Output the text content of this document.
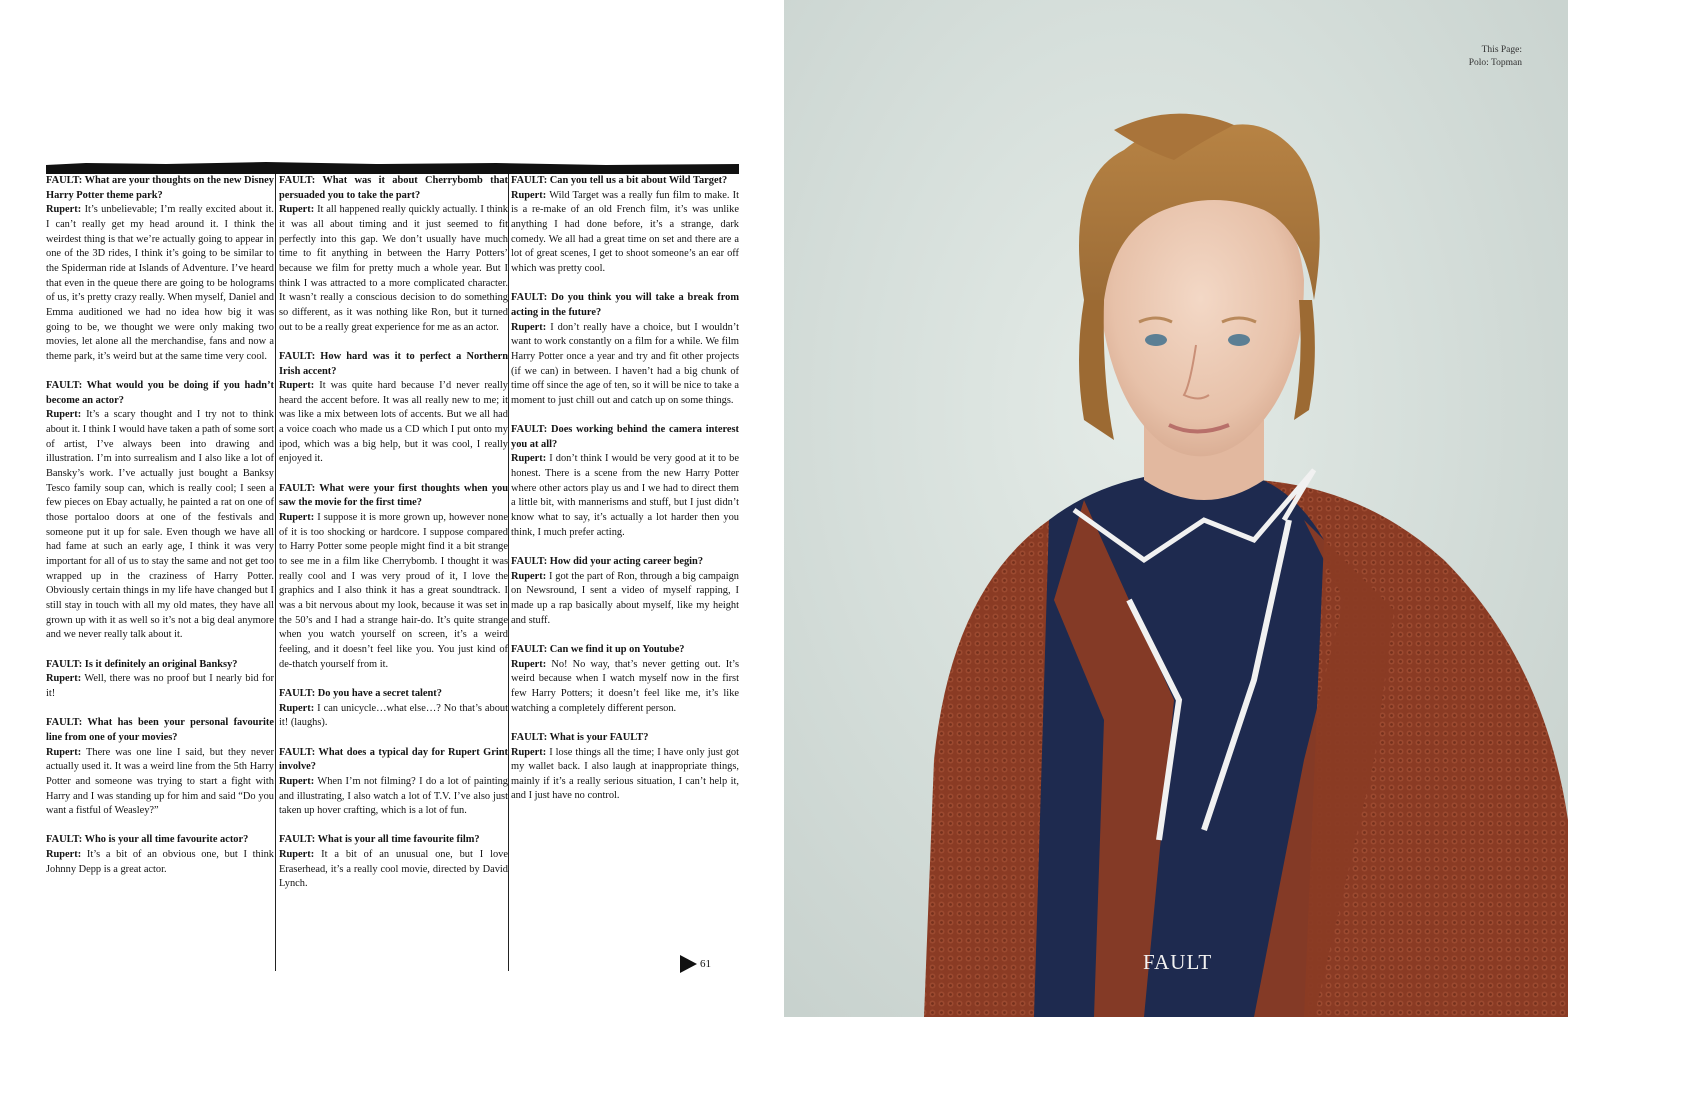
FAULT: What are your thoughts on the new Disney Harry Potter theme park?
Rupert: It’s unbelievable; I’m really excited about it. I can’t really get my head around it. I think the weirdest thing is that we’re actually going to appear in one of the 3D rides, I think it’s going to be similar to the Spiderman ride at Islands of Adventure. I’ve heard that even in the queue there are going to be holograms of us, it’s pretty crazy really. When myself, Daniel and Emma auditioned we had no idea how big it was going to be, we thought we were only making two movies, let alone all the merchandise, fans and now a theme park, it’s weird but at the same time very cool.
FAULT: What would you be doing if you hadn’t become an actor?
Rupert: It’s a scary thought and I try not to think about it. I think I would have taken a path of some sort of artist, I’ve always been into drawing and illustration. I’m into surrealism and I also like a lot of Bansky’s work. I’ve actually just bought a Banksy Tesco family soup can, which is really cool; I seen a few pieces on Ebay actually, he painted a rat on one of those portaloo doors at one of the festivals and someone put it up for sale. Even though we have all had fame at such an early age, I think it was very important for all of us to stay the same and not get too wrapped up in the craziness of Harry Potter. Obviously certain things in my life have changed but I still stay in touch with all my old mates, they have all grown up with it as well so it’s not a big deal anymore and we never really talk about it.
FAULT: Is it definitely an original Banksy?
Rupert: Well, there was no proof but I nearly bid for it!
FAULT: What has been your personal favourite line from one of your movies?
Rupert: There was one line I said, but they never actually used it. It was a weird line from the 5th Harry Potter and someone was trying to start a fight with Harry and I was standing up for him and said “Do you want a fistful of Weasley?”
FAULT: Who is your all time favourite actor?
Rupert: It’s a bit of an obvious one, but I think Johnny Depp is a great actor.
FAULT: What was it about Cherrybomb that persuaded you to take the part?
Rupert: It all happened really quickly actually. I think it was all about timing and it just seemed to fit perfectly into this gap. We don’t usually have much time to fit anything in between the Harry Potters’ because we film for pretty much a whole year. But I think I was attracted to a more complicated character. It wasn’t really a conscious decision to do something so different, as it was nothing like Ron, but it turned out to be a really great experience for me as an actor.
FAULT: How hard was it to perfect a Northern Irish accent?
Rupert: It was quite hard because I’d never really heard the accent before. It was all really new to me; it was like a mix between lots of accents. But we all had a voice coach who made us a CD which I put onto my ipod, which was a big help, but it was cool, I really enjoyed it.
FAULT: What were your first thoughts when you saw the movie for the first time?
Rupert: I suppose it is more grown up, however none of it is too shocking or hardcore. I suppose compared to Harry Potter some people might find it a bit strange to see me in a film like Cherrybomb. I thought it was really cool and I was very proud of it, I love the graphics and I also think it has a great soundtrack. I was a bit nervous about my look, because it was set in the 50’s and I had a strange hair-do. It’s quite strange when you watch yourself on screen, it’s a weird feeling, and it doesn’t feel like you. You just kind of de-thatch yourself from it.
FAULT: Do you have a secret talent?
Rupert: I can unicycle…what else…? No that’s about it! (laughs).
FAULT: What does a typical day for Rupert Grint involve?
Rupert: When I’m not filming? I do a lot of painting and illustrating, I also watch a lot of T.V. I’ve also just taken up hover crafting, which is a lot of fun.
FAULT: What is your all time favourite film?
Rupert: It a bit of an unusual one, but I love Eraserhead, it’s a really cool movie, directed by David Lynch.
FAULT: Can you tell us a bit about Wild Target?
Rupert: Wild Target was a really fun film to make. It is a re-make of an old French film, it’s was unlike anything I had done before, it’s a strange, dark comedy. We all had a great time on set and there are a lot of great scenes, I get to shoot someone’s an ear off which was pretty cool.
FAULT: Do you think you will take a break from acting in the future?
Rupert: I don’t really have a choice, but I wouldn’t want to work constantly on a film for a while. We film Harry Potter once a year and try and fit other projects (if we can) in between. I haven’t had a big chunk of time off since the age of ten, so it will be nice to take a moment to just chill out and catch up on some things.
FAULT: Does working behind the camera interest you at all?
Rupert: I don’t think I would be very good at it to be honest. There is a scene from the new Harry Potter where other actors play us and I we had to direct them a little bit, with mannerisms and stuff, but I just didn’t know what to say, it’s actually a lot harder then you think, I much prefer acting.
FAULT: How did your acting career begin?
Rupert: I got the part of Ron, through a big campaign on Newsround, I sent a video of myself rapping, I made up a rap basically about myself, like my height and stuff.
FAULT: Can we find it up on Youtube?
Rupert: No! No way, that’s never getting out. It’s weird because when I watch myself now in the first few Harry Potters; it doesn’t feel like me, it’s like watching a completely different person.
FAULT: What is your FAULT?
Rupert: I lose things all the time; I have only just got my wallet back. I also laugh at inappropriate things, mainly if it’s a really serious situation, I can’t help it, and I just have no control.
61
This Page:
Polo: Topman
FAULT
